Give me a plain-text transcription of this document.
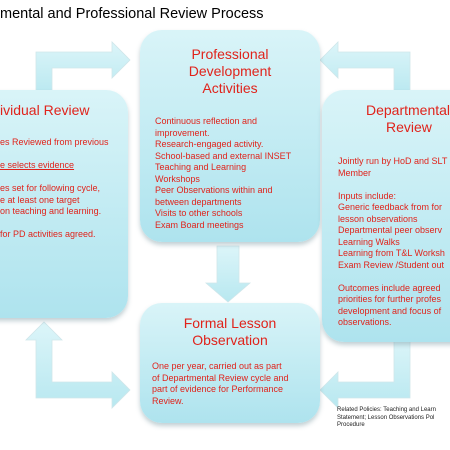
mental and Professional Review Process
Professional
Development
Activities
Continuous reflection and
improvement.
Research-engaged activity.
School-based and external INSET
Teaching and Learning
Workshops
Peer Observations within and
between departments
Visits to other schools
Exam Board meetings
ividual Review
es Reviewed from previous

e selects evidence

es set for following cycle,
e at least one target
on teaching and learning.

for PD activities agreed.
Departmental
Review
Jointly run by HoD and SLT
Member

Inputs include:
Generic feedback from for
lesson observations
Departmental peer observ
Learning Walks
Learning from T&L Worksh
Exam Review /Student out

Outcomes include agreed
priorities for further profes
development and focus of
observations.
Formal Lesson
Observation
One per year, carried out as part
of Departmental Review cycle and
part of evidence for Performance
Review.
Related Policies: Teaching and Learn
Statement; Lesson Observations Pol
Procedure
